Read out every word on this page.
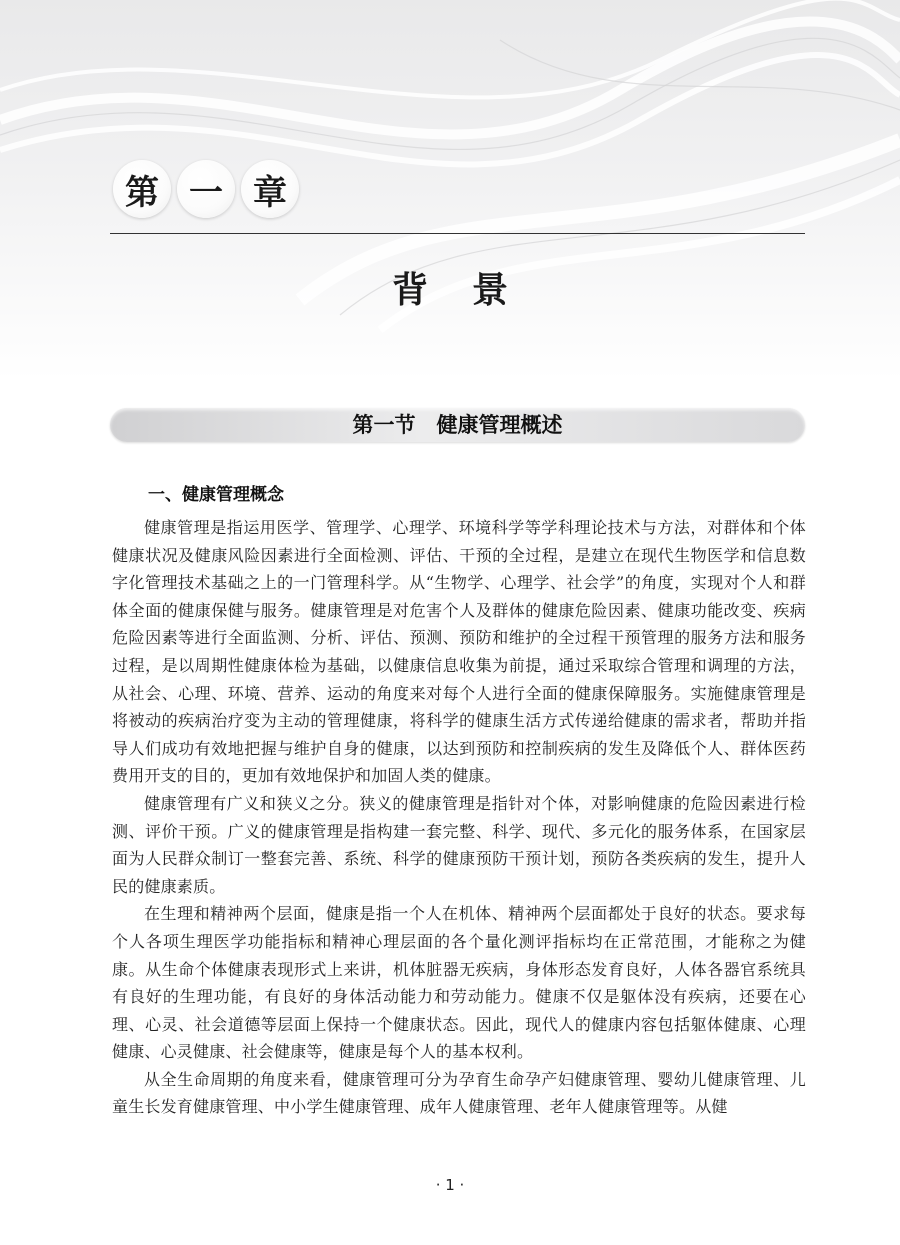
第 一 章
背景
第一节　健康管理概述
一、健康管理概念

健康管理是指运用医学、管理学、心理学、环境科学等学科理论技术与方法，对群体和个体健康状况及健康风险因素进行全面检测、评估、干预的全过程，是建立在现代生物医学和信息数字化管理技术基础之上的一门管理科学。从“生物学、心理学、社会学”的角度，实现对个人和群体全面的健康保健与服务。健康管理是对危害个人及群体的健康危险因素、健康功能改变、疾病危险因素等进行全面监测、分析、评估、预测、预防和维护的全过程干预管理的服务方法和服务过程，是以周期性健康体检为基础，以健康信息收集为前提，通过采取综合管理和调理的方法，从社会、心理、环境、营养、运动的角度来对每个人进行全面的健康保障服务。实施健康管理是将被动的疾病治疗变为主动的管理健康，将科学的健康生活方式传递给健康的需求者，帮助并指导人们成功有效地把握与维护自身的健康，以达到预防和控制疾病的发生及降低个人、群体医药费用开支的目的，更加有效地保护和加固人类的健康。

健康管理有广义和狭义之分。狭义的健康管理是指针对个体，对影响健康的危险因素进行检测、评价干预。广义的健康管理是指构建一套完整、科学、现代、多元化的服务体系，在国家层面为人民群众制订一整套完善、系统、科学的健康预防干预计划，预防各类疾病的发生，提升人民的健康素质。

在生理和精神两个层面，健康是指一个人在机体、精神两个层面都处于良好的状态。要求每个人各项生理医学功能指标和精神心理层面的各个量化测评指标均在正常范围，才能称之为健康。从生命个体健康表现形式上来讲，机体脏器无疾病，身体形态发育良好，人体各器官系统具有良好的生理功能，有良好的身体活动能力和劳动能力。健康不仅是躯体没有疾病，还要在心理、心灵、社会道德等层面上保持一个健康状态。因此，现代人的健康内容包括躯体健康、心理健康、心灵健康、社会健康等，健康是每个人的基本权利。

从全生命周期的角度来看，健康管理可分为孕育生命孕产妇健康管理、婴幼儿健康管理、儿童生长发育健康管理、中小学生健康管理、成年人健康管理、老年人健康管理等。从健

· 1 ·
